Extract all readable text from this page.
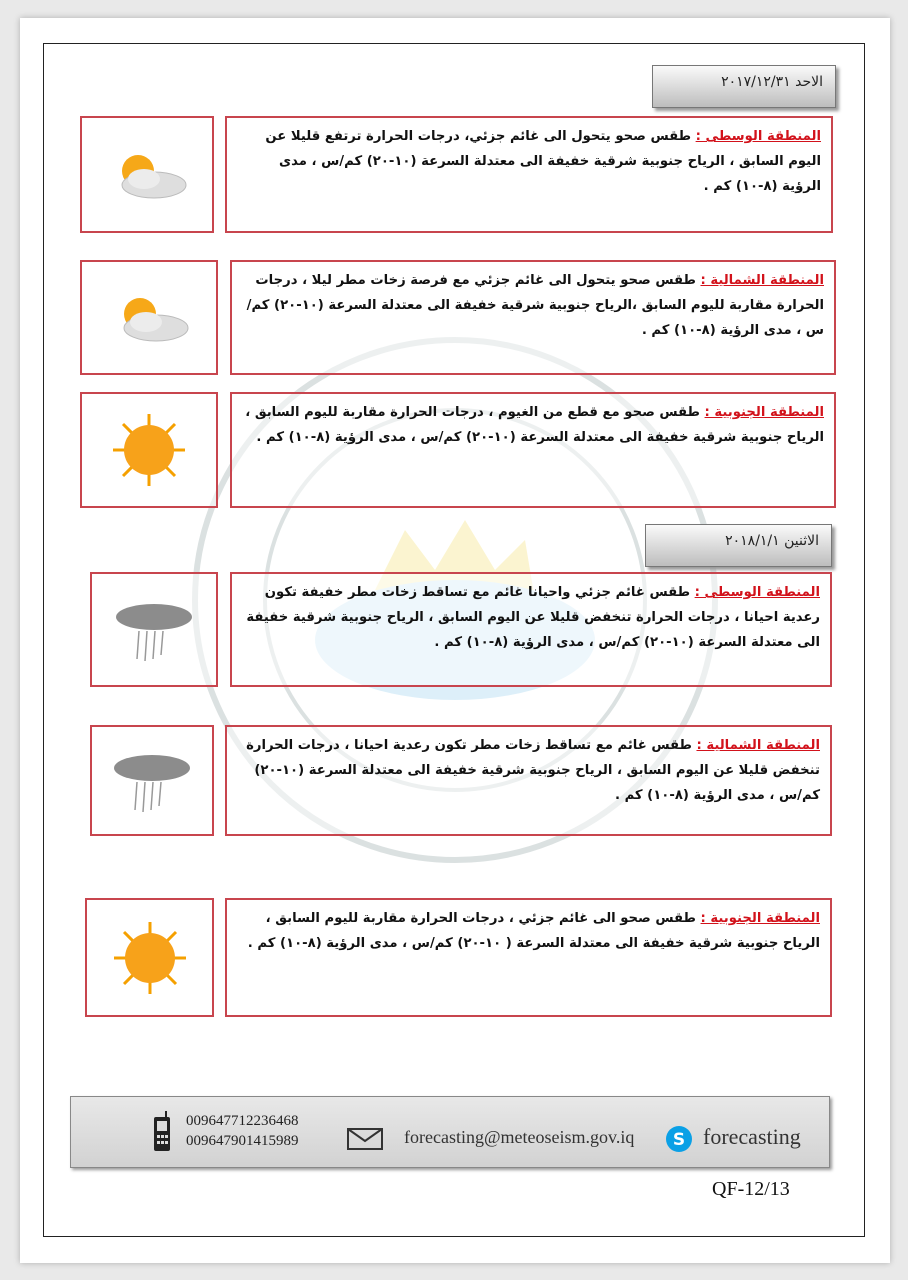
الاحد ٢٠١٧/١٢/٣١
الاثنين ٢٠١٨/١/١
المنطقة الوسطى : طقس صحو يتحول الى غائم جزئي، درجات الحرارة ترتفع قليلا عن اليوم السابق ، الرياح جنوبية شرقية خفيفة الى معتدلة السرعة (١٠-٢٠) كم/س ، مدى الرؤية (٨-١٠) كم .
المنطقة الشمالية : طقس صحو يتحول الى غائم جزئي مع فرصة زخات مطر ليلا ، درجات الحرارة مقاربة لليوم السابق ،الرياح جنوبية شرقية خفيفة الى معتدلة السرعة (١٠-٢٠) كم/س ، مدى الرؤية (٨-١٠) كم .
المنطقة الجنوبية : طقس صحو مع قطع من الغيوم ، درجات الحرارة مقاربة لليوم السابق ، الرياح جنوبية شرقية خفيفة الى معتدلة السرعة (١٠-٢٠) كم/س ، مدى الرؤية (٨-١٠) كم .
المنطقة الوسطى : طقس غائم جزئي واحيانا غائم مع تساقط زخات مطر خفيفة تكون رعدية احيانا ، درجات الحرارة تنخفض قليلا عن اليوم السابق ، الرياح جنوبية شرقية خفيفة الى معتدلة السرعة (١٠-٢٠) كم/س ، مدى الرؤية (٨-١٠) كم .
المنطقة الشمالية : طقس غائم مع تساقط زخات مطر تكون رعدية احيانا ، درجات الحرارة تنخفض قليلا عن اليوم السابق ، الرياح جنوبية شرقية خفيفة الى معتدلة السرعة (١٠-٢٠) كم/س ، مدى الرؤية (٨-١٠) كم .
المنطقة الجنوبية : طقس صحو الى غائم جزئي ، درجات الحرارة مقاربة لليوم السابق ، الرياح جنوبية شرقية خفيفة الى معتدلة السرعة ( ١٠-٢٠) كم/س ، مدى الرؤية (٨-١٠) كم .
009647712236468
009647901415989	forecasting@meteoseism.gov.iq S forecasting
QF-12/13
